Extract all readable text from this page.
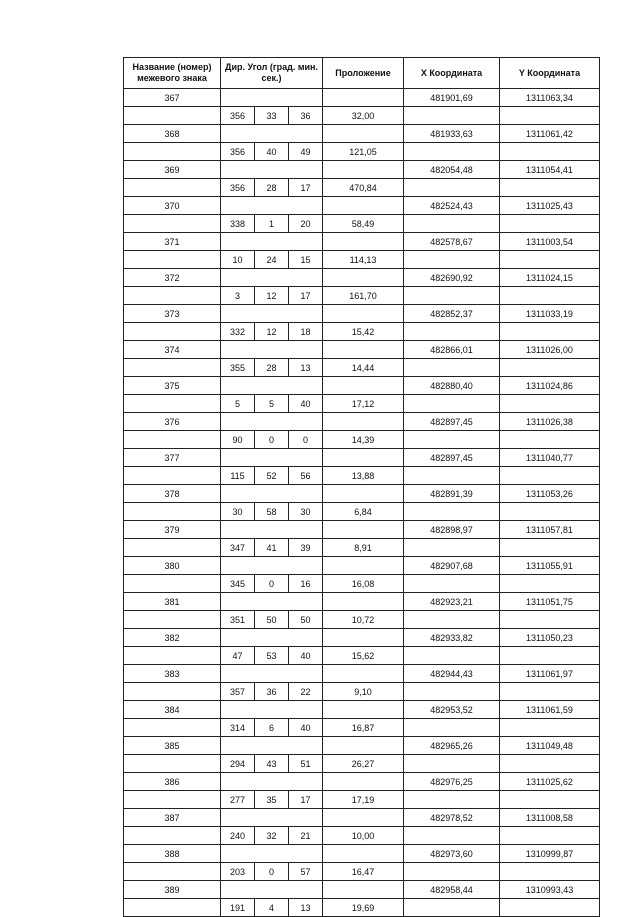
Название (номер) межевого знака	Дир. Угол (град. мин. сек.)			Проложение	X Координата	Y Координата
367					481901,69	1311063,34
	356	33	36	32,00		
368					481933,63	1311061,42
	356	40	49	121,05		
369					482054,48	1311054,41
	356	28	17	470,84		
370					482524,43	1311025,43
	338	1	20	58,49		
371					482578,67	1311003,54
	10	24	15	114,13		
372					482690,92	1311024,15
	3	12	17	161,70		
373					482852,37	1311033,19
	332	12	18	15,42		
374					482866,01	1311026,00
	355	28	13	14,44		
375					482880,40	1311024,86
	5	5	40	17,12		
376					482897,45	1311026,38
	90	0	0	14,39		
377					482897,45	1311040,77
	115	52	56	13,88		
378					482891,39	1311053,26
	30	58	30	6,84		
379					482898,97	1311057,81
	347	41	39	8,91		
380					482907,68	1311055,91
	345	0	16	16,08		
381					482923,21	1311051,75
	351	50	50	10,72		
382					482933,82	1311050,23
	47	53	40	15,62		
383					482944,43	1311061,97
	357	36	22	9,10		
384					482953,52	1311061,59
	314	6	40	16,87		
385					482965,26	1311049,48
	294	43	51	26,27		
386					482976,25	1311025,62
	277	35	17	17,19		
387					482978,52	1311008,58
	240	32	21	10,00		
388					482973,60	1310999,87
	203	0	57	16,47		
389					482958,44	1310993,43
	191	4	13	19,69		
